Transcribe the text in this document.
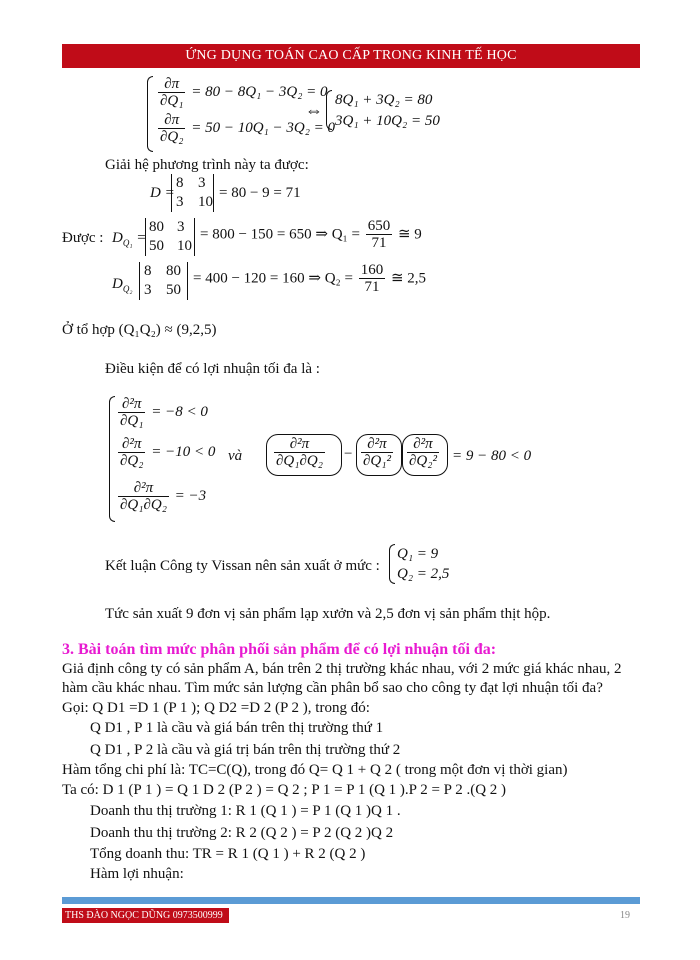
ỨNG DỤNG TOÁN CAO CẤP TRONG KINH TẾ HỌC
$\frac{\partial\pi}{\text{∂Q₁}} = 80 - 8Q_1 - 3Q_2 = 0$
$\frac{\partial\pi}{\text{∂Q₂}} = 50 - 10Q_1 - 3Q_2 = 0$
⇔ 8Q₁ + 3Q₂ = 80
3Q₁ + 10Q₂ = 50
Giải hệ phương trình này ta được:
D =
8 3
3 10
= 80 − 9 = 71
Được : $D_{Q_1}$ =
80 3
50 10
= 800 − 150 = 650 ⇒ $Q_1 = \frac{650}{71}$ ≅ 9
$D_{Q_2}$
8 80
3 50
= 400 − 120 = 160 ⇒ $Q_2 = \frac{160}{71}$ ≅ 2,5
Ở tổ hợp (Q₁Q₂) ≈ (9,2,5)
Điều kiện để có lợi nhuận tối đa là :
$\frac{\text{∂²π}}{\text{∂Q₁}} = -8 < 0$
$\frac{\text{∂²π}}{\text{∂Q₂}} = -10 < 0$
$\frac{\text{∂²π}}{\text{∂Q₁∂Q₂}} = -3$
và $\frac{\text{∂²π}}{\text{∂Q₁∂Q₂}} - \frac{\text{∂²π}}{\text{∂Q₁²}} \frac{\text{∂²π}}{\text{∂Q₂²}} = 9 - 80 < 0$
Kết luận Công ty Vissan nên sản xuất ở mức :
Q₁ = 9
Q₂ = 2,5
Tức sản xuất 9 đơn vị sản phẩm lạp xưởn và 2,5 đơn vị sản phẩm thịt hộp.
3. Bài toán tìm mức phân phối sản phẩm để có lợi nhuận tối đa:
Giả định công ty có sản phẩm A, bán trên 2 thị trường khác nhau, với 2 mức giá khác nhau, 2
hàm cầu khác nhau. Tìm mức sản lượng cần phân bổ sao cho công ty đạt lợi nhuận tối đa?
Gọi: Q D1 =D 1 (P 1 ); Q D2 =D 2 (P 2 ), trong đó:
Q D1 , P 1 là cầu và giá bán trên thị trường thứ 1
Q D1 , P 2 là cầu và giá trị bán trên thị trường thứ 2
Hàm tổng chi phí là: TC=C(Q), trong đó Q= Q 1 + Q 2 ( trong một đơn vị thời gian)
Ta có: D 1 (P 1 ) = Q 1 D 2 (P 2 ) = Q 2 ; P 1 = P 1 (Q 1 ).P 2 = P 2 .(Q 2 )
Doanh thu thị trường 1: R 1 (Q 1 ) = P 1 (Q 1 )Q 1 .
Doanh thu thị trường 2: R 2 (Q 2 ) = P 2 (Q 2 )Q 2
Tổng doanh thu: TR = R 1 (Q 1 ) + R 2 (Q 2 )
Hàm lợi nhuận:
THS ĐÀO NGỌC DŨNG 0973500999	19
